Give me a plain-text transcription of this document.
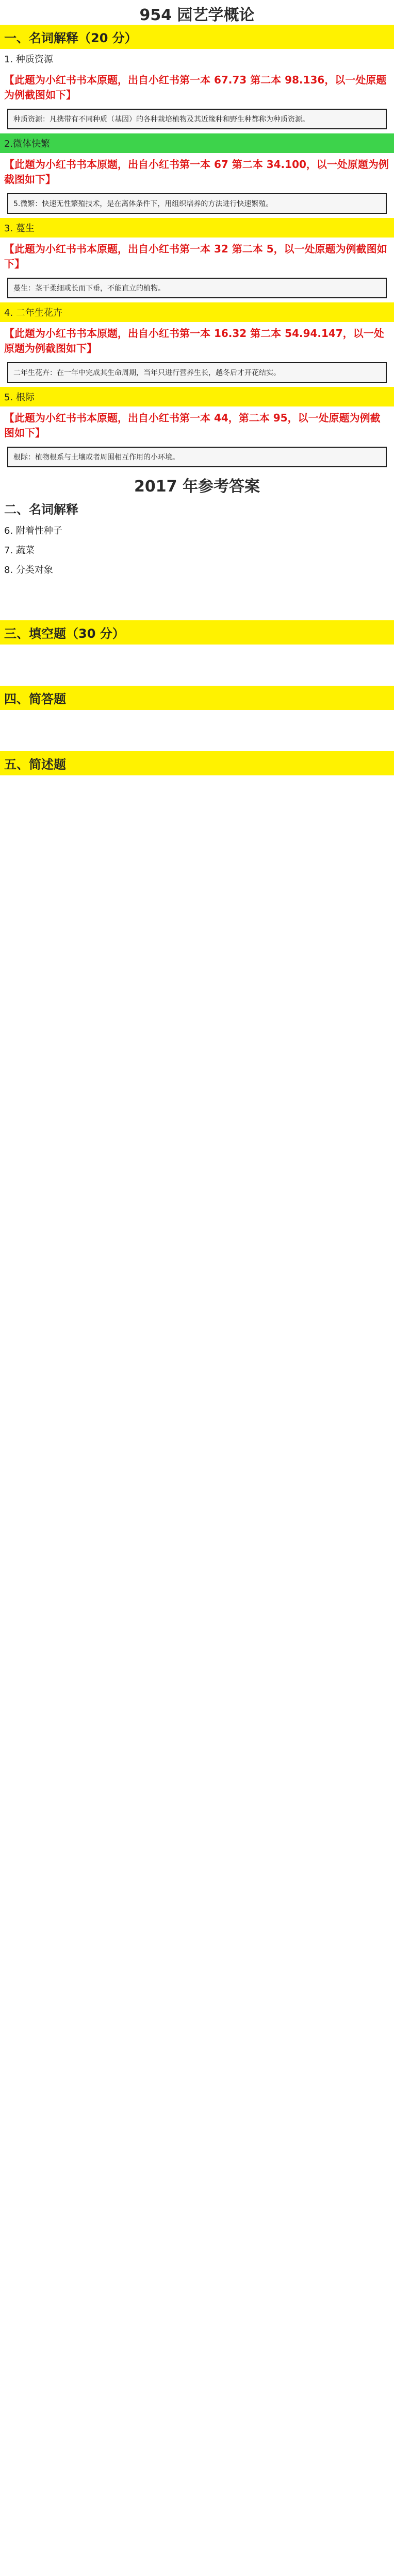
954 园艺学概论
一、名词解释（20 分）
1. 种质资源
【此题为小红书书本原题，出自小红书第一本 67.73 第二本 98.136，以一处原题为例截图如下】
种质资源：凡携带有不同种质（基因）的各种栽培植物及其近缘种和野生种都称为种质资源。
2.微体快繁
【此题为小红书书本原题，出自小红书第一本 67 第二本 34.100，以一处原题为例截图如下】
5.微繁：快速无性繁殖技术，是在离体条件下，用组织培养的方法进行快速繁殖。
3. 蔓生
【此题为小红书书本原题，出自小红书第一本 32 第二本 5，以一处原题为例截图如下】
蔓生：茎干柔细或长而下垂，不能直立的植物。
4. 二年生花卉
【此题为小红书书本原题，出自小红书第一本 16.32 第二本 54.94.147，以一处原题为例截图如下】
二年生花卉：在一年中完成其生命周期，当年只进行营养生长，越冬后才开花结实。
5. 根际
【此题为小红书书本原题，出自小红书第一本 44，第二本 95，以一处原题为例截图如下】
根际：植物根系与土壤或者周围相互作用的小环境。
2017 年参考答案
二、名词解释
6. 附着性种子
7. 蔬菜
8. 分类对象
三、填空题（30 分）
四、简答题
五、简述题
